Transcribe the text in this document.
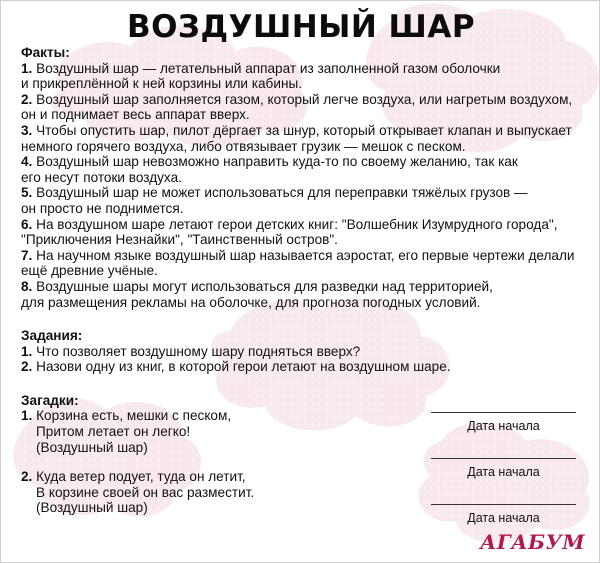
ВОЗДУШНЫЙ ШАР
Факты:
1. Воздушный шар — летательный аппарат из заполненной газом оболочки
и прикреплённой к ней корзины или кабины.
2. Воздушный шар заполняется газом, который легче воздуха, или нагретым воздухом,
он и поднимает весь аппарат вверх.
3. Чтобы опустить шар, пилот дёргает за шнур, который открывает клапан и выпускает
немного горячего воздуха, либо отвязывает грузик — мешок с песком.
4. Воздушный шар невозможно направить куда-то по своему желанию, так как
его несут потоки воздуха.
5. Воздушный шар не может использоваться для переправки тяжёлых грузов —
он просто не поднимется.
6. На воздушном шаре летают герои детских книг: "Волшебник Изумрудного города",
"Приключения Незнайки", "Таинственный остров".
7. На научном языке воздушный шар называется аэростат, его первые чертежи делали
ещё древние учёные.
8. Воздушные шары могут использоваться для разведки над территорией,
для размещения рекламы на оболочке, для прогноза погодных условий.
Задания:
1. Что позволяет воздушному шару подняться вверх?
2. Назови одну из книг, в которой герои летают на воздушном шаре.
Загадки:
1. Корзина есть, мешки с песком,
Притом летает он легко!
(Воздушный шар)
2. Куда ветер подует, туда он летит,
В корзине своей он вас разместит.
(Воздушный шар)
Дата начала
Дата начала
Дата начала
АГАБУМ
